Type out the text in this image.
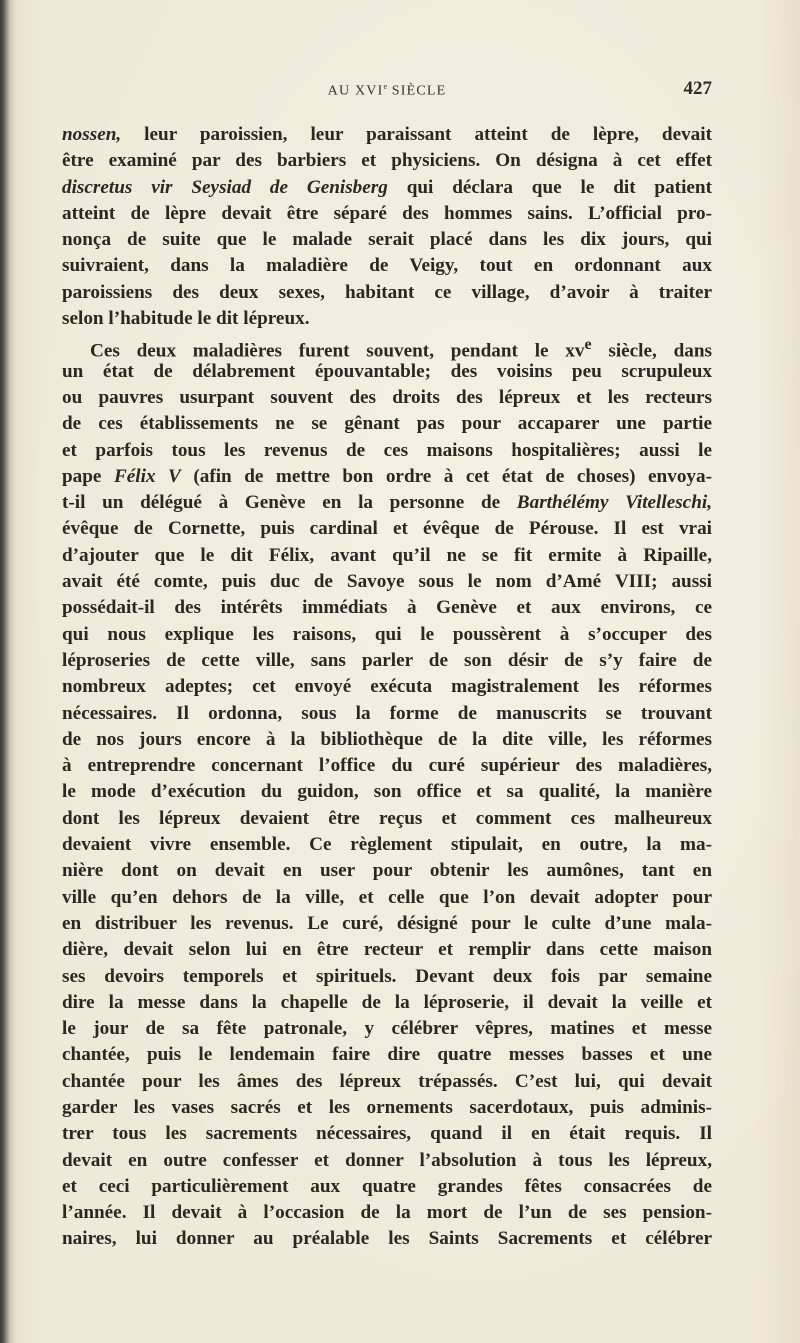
AU XVIe SIÈCLE	427
nossen, leur paroissien, leur paraissant atteint de lèpre, devait
être examiné par des barbiers et physiciens. On désigna à cet effet
discretus vir Seysiad de Genisberg qui déclara que le dit patient
atteint de lèpre devait être séparé des hommes sains. L’official pro-
nonça de suite que le malade serait placé dans les dix jours, qui
suivraient, dans la maladière de Veigy, tout en ordonnant aux
paroissiens des deux sexes, habitant ce village, d’avoir à traiter
selon l’habitude le dit lépreux.
Ces deux maladières furent souvent, pendant le $xv^e$ siècle, dans
un état de délabrement épouvantable; des voisins peu scrupuleux
ou pauvres usurpant souvent des droits des lépreux et les recteurs
de ces établissements ne se gênant pas pour accaparer une partie
et parfois tous les revenus de ces maisons hospitalières; aussi le
pape Félix V (afin de mettre bon ordre à cet état de choses) envoya-
t-il un délégué à Genève en la personne de Barthélémy Vitelleschi,
évêque de Cornette, puis cardinal et évêque de Pérouse. Il est vrai
d’ajouter que le dit Félix, avant qu’il ne se fit ermite à Ripaille,
avait été comte, puis duc de Savoye sous le nom d’Amé VIII; aussi
possédait-il des intérêts immédiats à Genève et aux environs, ce
qui nous explique les raisons, qui le poussèrent à s’occuper des
léproseries de cette ville, sans parler de son désir de s’y faire de
nombreux adeptes; cet envoyé exécuta magistralement les réformes
nécessaires. Il ordonna, sous la forme de manuscrits se trouvant
de nos jours encore à la bibliothèque de la dite ville, les réformes
à entreprendre concernant l’office du curé supérieur des maladières,
le mode d’exécution du guidon, son office et sa qualité, la manière
dont les lépreux devaient être reçus et comment ces malheureux
devaient vivre ensemble. Ce règlement stipulait, en outre, la ma-
nière dont on devait en user pour obtenir les aumônes, tant en
ville qu’en dehors de la ville, et celle que l’on devait adopter pour
en distribuer les revenus. Le curé, désigné pour le culte d’une mala-
dière, devait selon lui en être recteur et remplir dans cette maison
ses devoirs temporels et spirituels. Devant deux fois par semaine
dire la messe dans la chapelle de la léproserie, il devait la veille et
le jour de sa fête patronale, y célébrer vêpres, matines et messe
chantée, puis le lendemain faire dire quatre messes basses et une
chantée pour les âmes des lépreux trépassés. C’est lui, qui devait
garder les vases sacrés et les ornements sacerdotaux, puis adminis-
trer tous les sacrements nécessaires, quand il en était requis. Il
devait en outre confesser et donner l’absolution à tous les lépreux,
et ceci particulièrement aux quatre grandes fêtes consacrées de
l’année. Il devait à l’occasion de la mort de l’un de ses pension-
naires, lui donner au préalable les Saints Sacrements et célébrer
